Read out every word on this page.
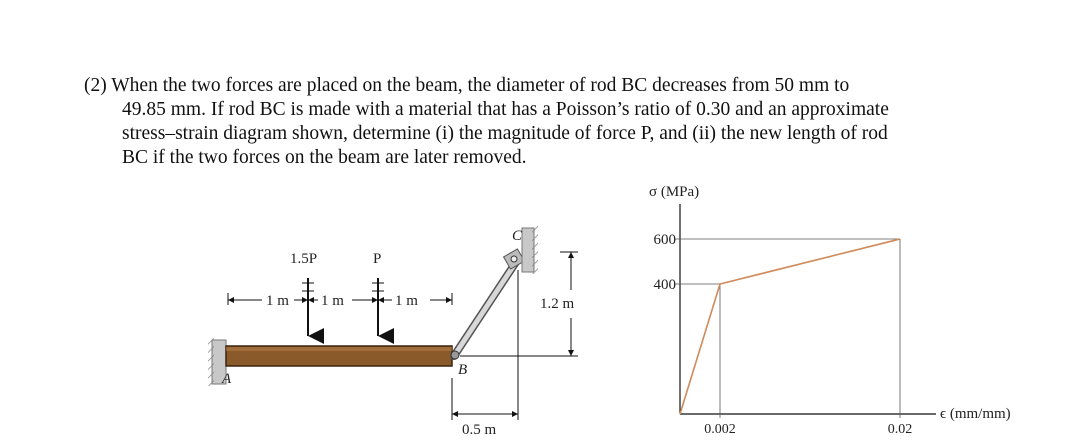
(2) When the two forces are placed on the beam, the diameter of rod BC decreases from 50 mm to
49.85 mm. If rod BC is made with a material that has a Poisson’s ratio of 0.30 and an approximate
stress–strain diagram shown, determine (i) the magnitude of force P, and (ii) the new length of rod
BC if the two forces on the beam are later removed.
1 m 1 m	1 m
1.5P	P
A
B
C
1.2 m
0.5 m
σ (MPa)
ϵ (mm/mm)
400
600
0.002	0.02
